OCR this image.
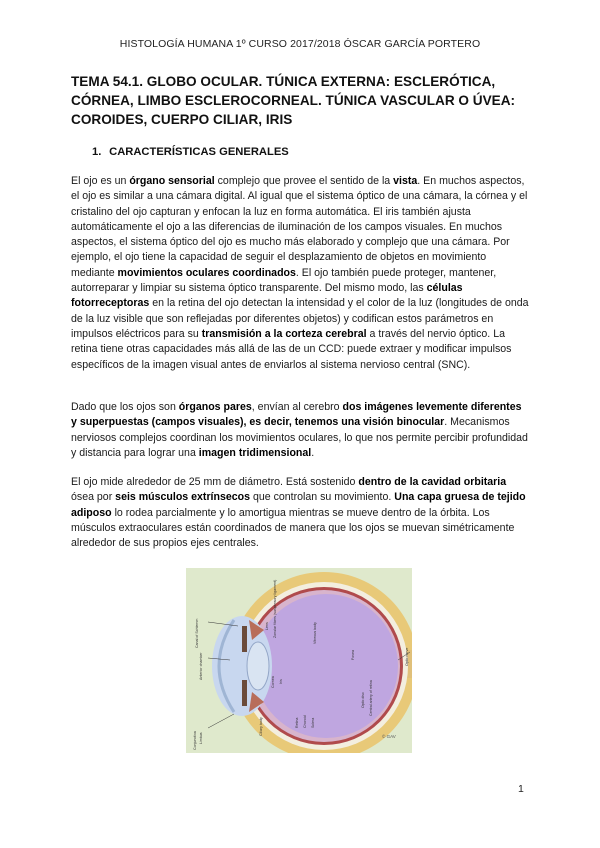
HISTOLOGÍA HUMANA 1º CURSO 2017/2018 ÓSCAR GARCÍA PORTERO
TEMA 54.1. GLOBO OCULAR. TÚNICA EXTERNA: ESCLERÓTICA, CÓRNEA, LIMBO ESCLEROCORNEAL. TÚNICA VASCULAR O ÚVEA: COROIDES, CUERPO CILIAR, IRIS
1. CARACTERÍSTICAS GENERALES

El ojo es un órgano sensorial complejo que provee el sentido de la vista. En muchos aspectos, el ojo es similar a una cámara digital. Al igual que el sistema óptico de una cámara, la córnea y el cristalino del ojo capturan y enfocan la luz en forma automática. El iris también ajusta automáticamente el ojo a las diferencias de iluminación de los campos visuales. En muchos aspectos, el sistema óptico del ojo es mucho más elaborado y complejo que una cámara. Por ejemplo, el ojo tiene la capacidad de seguir el desplazamiento de objetos en movimiento mediante movimientos oculares coordinados. El ojo también puede proteger, mantener, autorreparar y limpiar su sistema óptico transparente. Del mismo modo, las células fotorreceptoras en la retina del ojo detectan la intensidad y el color de la luz (longitudes de onda de la luz visible que son reflejadas por diferentes objetos) y codifican estos parámetros en impulsos eléctricos para su transmisión a la corteza cerebral a través del nervio óptico. La retina tiene otras capacidades más allá de las de un CCD: puede extraer y modificar impulsos específicos de la imagen visual antes de enviarlos al sistema nervioso central (SNC).

Dado que los ojos son órganos pares, envían al cerebro dos imágenes levemente diferentes y superpuestas (campos visuales), es decir, tenemos una visión binocular. Mecanismos nerviosos complejos coordinan los movimientos oculares, lo que nos permite percibir profundidad y distancia para lograr una imagen tridimensional.

El ojo mide alrededor de 25 mm de diámetro. Está sostenido dentro de la cavidad orbitaria ósea por seis músculos extrínsecos que controlan su movimiento. Una capa gruesa de tejido adiposo lo rodea parcialmente y lo amortigua mientras se mueve dentro de la órbita. Los músculos extraoculares están coordinados de manera que los ojos se muevan simétricamente alrededor de sus propios ejes centrales.

Canal of Schlemm
Anterior chamber
Lens Zonular fibers (suspensory ligament)
Cornea Iris
Vitreous body
Fovea	Optic nerve
Retina Choroid Sclera
Ciliary body
Limbus
Conjunctiva
Optic disc Central artery of retina
© GAV
1
